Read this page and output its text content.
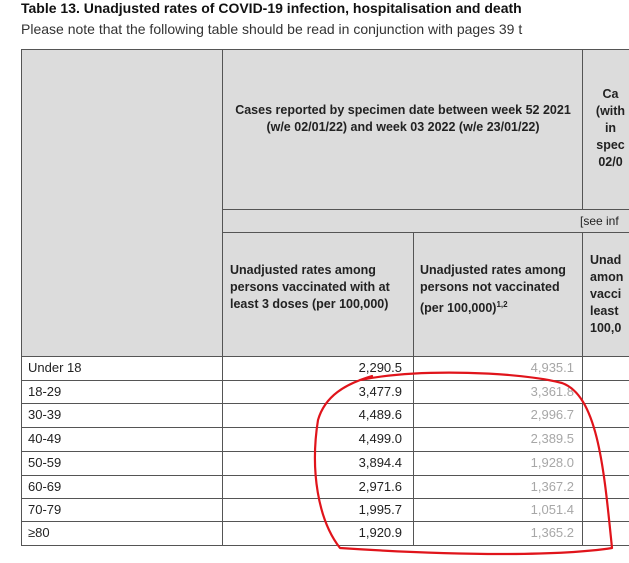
Table 13. Unadjusted rates of COVID-19 infection, hospitalisation and death
Please note that the following table should be read in conjunction with pages 39 t
Cases reported by specimen date between week 52 2021 (w/e 02/01/22) and week 03 2022 (w/e 23/01/22)
Ca
(with
in
spec
02/0
[see inf
Unadjusted rates among persons vaccinated with at least 3 doses (per 100,000)
Unadjusted rates among persons not vaccinated (per 100,000)$^{1,2}$
Unad
amon
vacci
least
100,0
Under 18	2,290.5	4,935.1
18-29	3,477.9	3,361.8
30-39	4,489.6	2,996.7
40-49	4,499.0	2,389.5
50-59	3,894.4	1,928.0
60-69	2,971.6	1,367.2
70-79	1,995.7	1,051.4
≥80	1,920.9	1,365.2
